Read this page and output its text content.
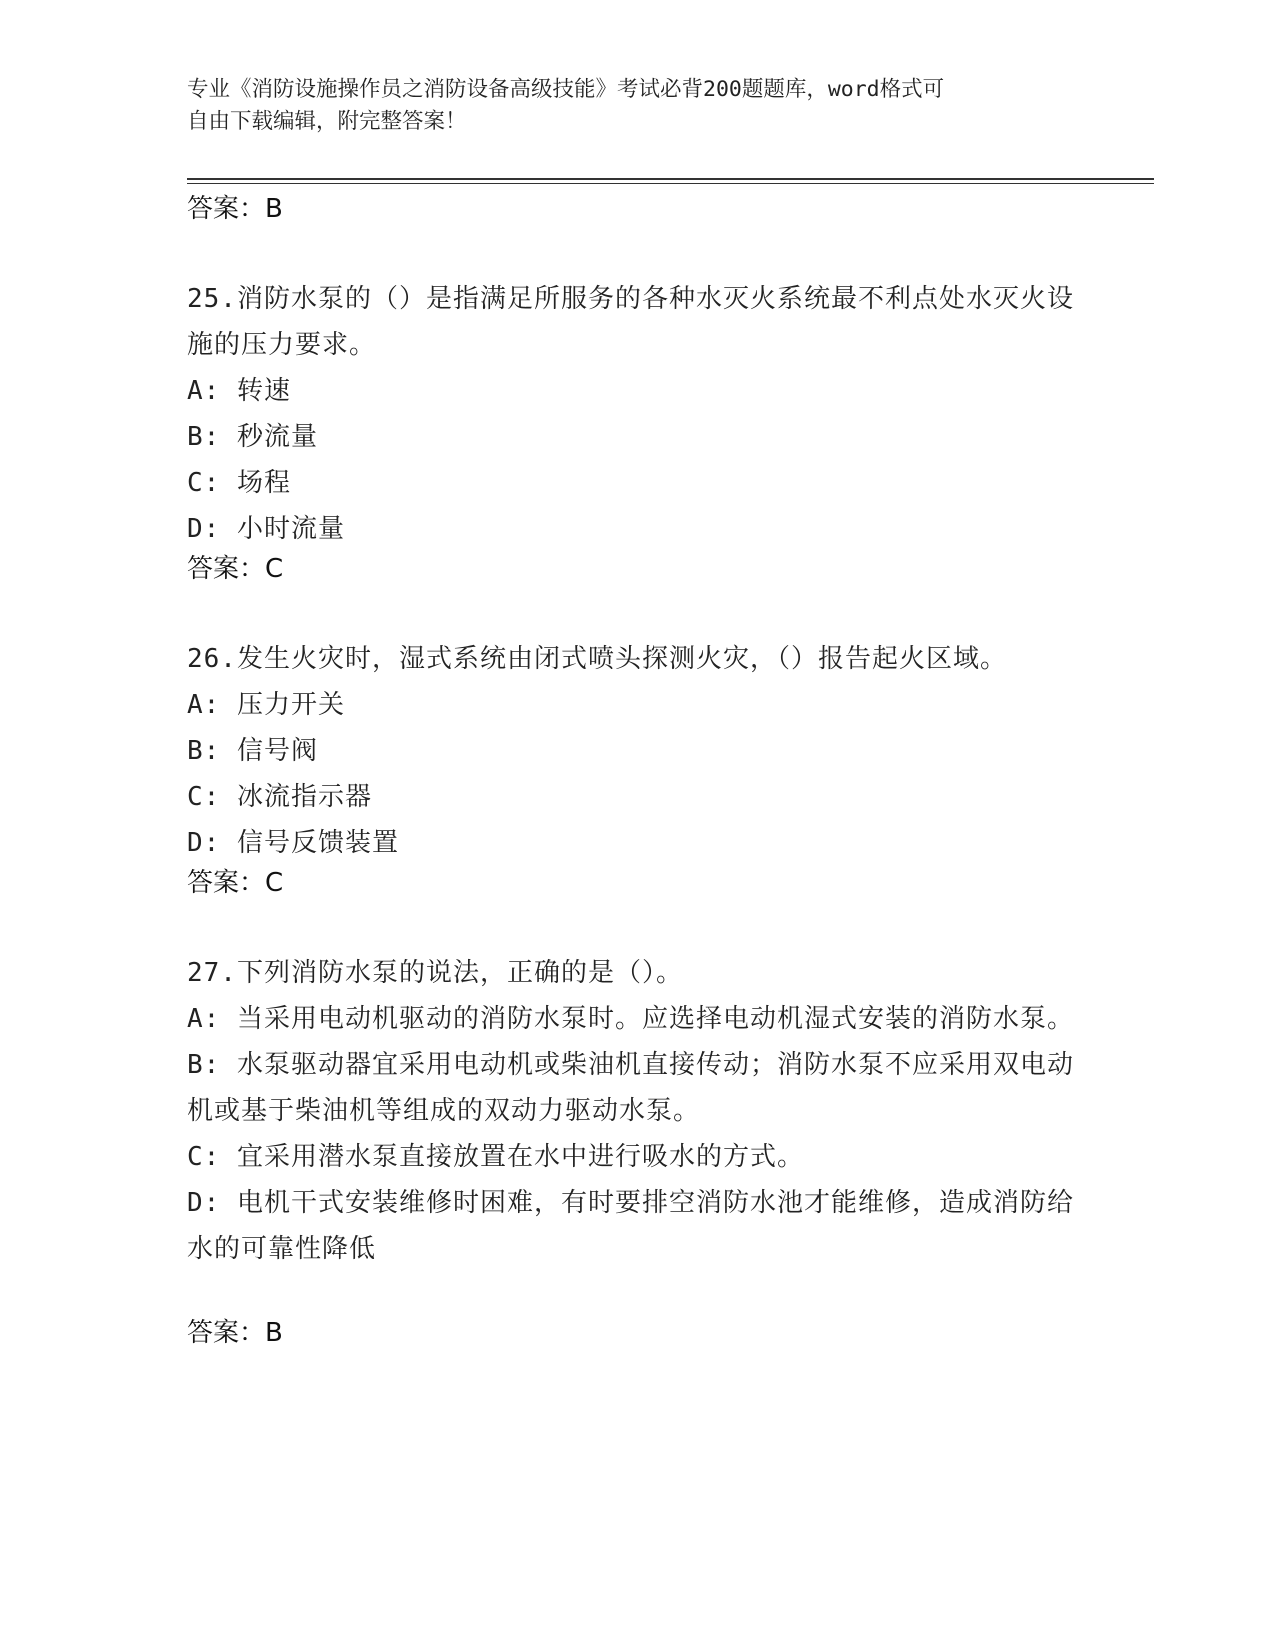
专业《消防设施操作员之消防设备高级技能》考试必背200题题库，word格式可
自由下载编辑，附完整答案！
答案：B

25.消防水泵的（）是指满足所服务的各种水灭火系统最不利点处水灭火设施的压力要求。

A: 转速

B: 秒流量

C: 场程

D: 小时流量

答案：C

26.发生火灾时，湿式系统由闭式喷头探测火灾，（）报告起火区域。

A: 压力开关

B: 信号阀

C: 冰流指示器

D: 信号反馈装置

答案：C

27.下列消防水泵的说法，正确的是（）。

A: 当采用电动机驱动的消防水泵时。应选择电动机湿式安装的消防水泵。

B: 水泵驱动器宜采用电动机或柴油机直接传动；消防水泵不应采用双电动机或基于柴油机等组成的双动力驱动水泵。

C: 宜采用潜水泵直接放置在水中进行吸水的方式。

D: 电机干式安装维修时困难，有时要排空消防水池才能维修，造成消防给水的可靠性降低

答案：B
